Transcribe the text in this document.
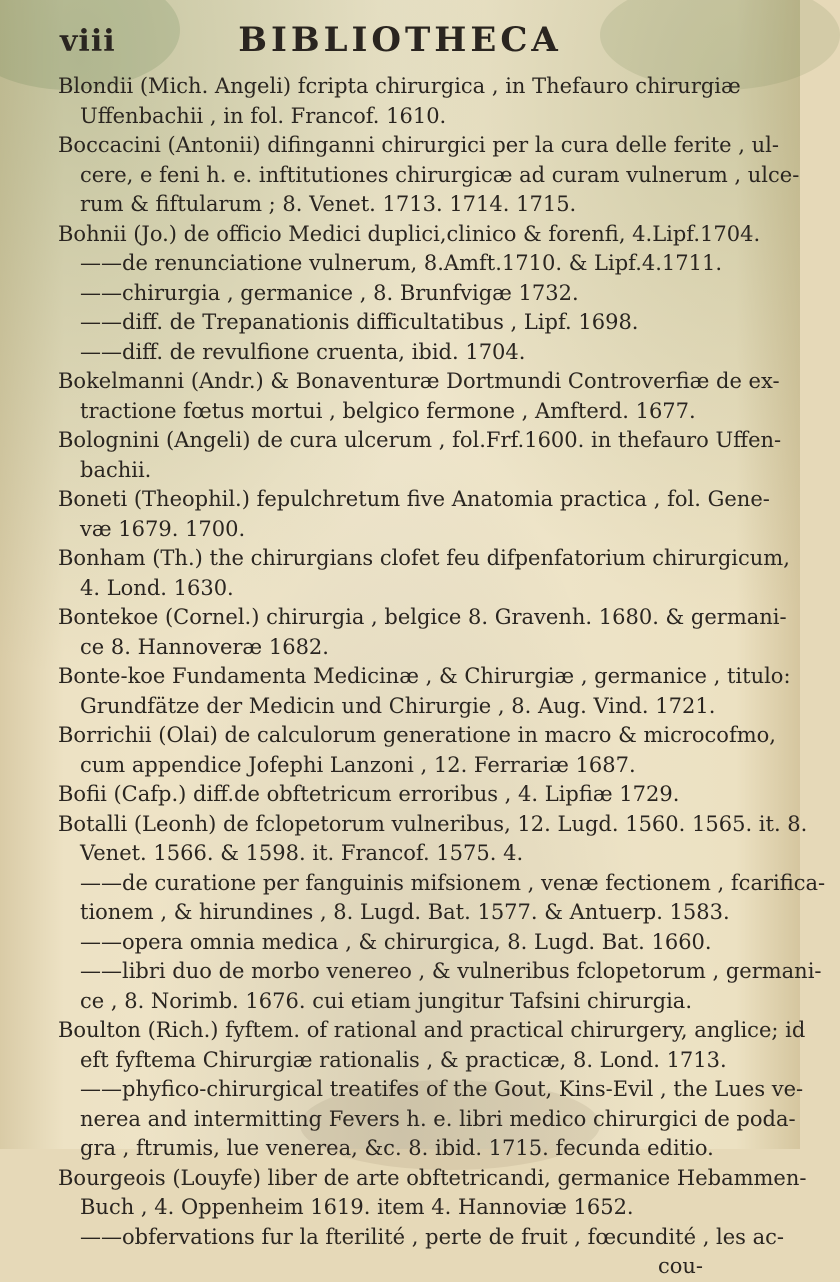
viii	BIBLIOTHECA
Blondii (Mich. Angeli) fcripta chirurgica , in Thefauro chirurgiæ
Uffenbachii , in fol. Francof. 1610.
Boccacini (Antonii) difinganni chirurgici per la cura delle ferite , ul-
cere, e feni h. e. inftitutiones chirurgicæ ad curam vulnerum , ulce-
rum & fiftularum ; 8. Venet. 1713. 1714. 1715.
Bohnii (Jo.) de officio Medici duplici,clinico & forenfi, 4.Lipf.1704.
——de renunciatione vulnerum, 8.Amft.1710. & Lipf.4.1711.
——chirurgia , germanice , 8. Brunfvigæ 1732.
——diff. de Trepanationis difficultatibus , Lipf. 1698.
——diff. de revulfione cruenta, ibid. 1704.
Bokelmanni (Andr.) & Bonaventuræ Dortmundi Controverfiæ de ex-
tractione fœtus mortui , belgico fermone , Amfterd. 1677.
Bolognini (Angeli) de cura ulcerum , fol.Frf.1600. in thefauro Uffen-
bachii.
Boneti (Theophil.) fepulchretum five Anatomia practica , fol. Gene-
væ 1679. 1700.
Bonham (Th.) the chirurgians clofet feu difpenfatorium chirurgicum,
4. Lond. 1630.
Bontekoe (Cornel.) chirurgia , belgice 8. Gravenh. 1680. & germani-
ce 8. Hannoveræ 1682.
Bonte-koe Fundamenta Medicinæ , & Chirurgiæ , germanice , titulo:
Grundfätze der Medicin und Chirurgie , 8. Aug. Vind. 1721.
Borrichii (Olai) de calculorum generatione in macro & microcofmo,
cum appendice Jofephi Lanzoni , 12. Ferrariæ 1687.
Bofii (Cafp.) diff.de obftetricum erroribus , 4. Lipfiæ 1729.
Botalli (Leonh) de fclopetorum vulneribus, 12. Lugd. 1560. 1565. it. 8.
Venet. 1566. & 1598. it. Francof. 1575. 4.
——de curatione per fanguinis mifsionem , venæ fectionem , fcarifica-
tionem , & hirundines , 8. Lugd. Bat. 1577. & Antuerp. 1583.
——opera omnia medica , & chirurgica, 8. Lugd. Bat. 1660.
——libri duo de morbo venereo , & vulneribus fclopetorum , germani-
ce , 8. Norimb. 1676. cui etiam jungitur Tafsini chirurgia.
Boulton (Rich.) fyftem. of rational and practical chirurgery, anglice; id
eft fyftema Chirurgiæ rationalis , & practicæ, 8. Lond. 1713.
——phyfico-chirurgical treatifes of the Gout, Kins-Evil , the Lues ve-
nerea and intermitting Fevers h. e. libri medico chirurgici de poda-
gra , ftrumis, lue venerea, &c. 8. ibid. 1715. fecunda editio.
Bourgeois (Louyfe) liber de arte obftetricandi, germanice Hebammen-
Buch , 4. Oppenheim 1619. item 4. Hannoviæ 1652.
——obfervations fur la fterilité , perte de fruit , fœcundité , les ac-
cou-
